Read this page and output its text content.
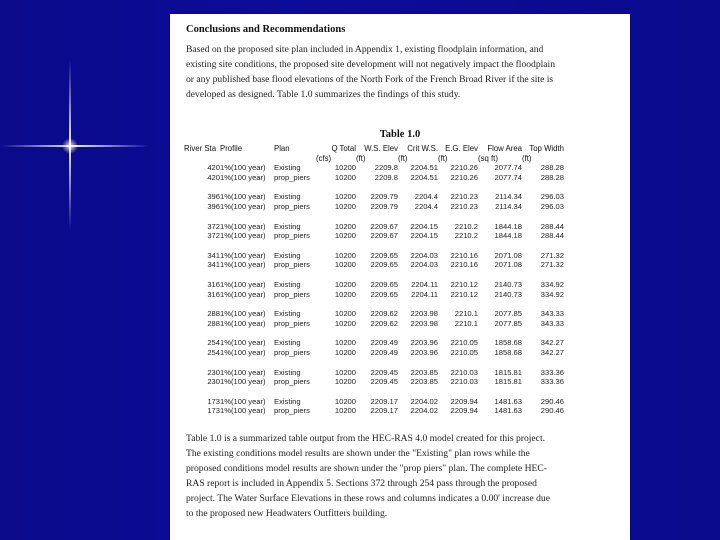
Conclusions and Recommendations

Based on the proposed site plan included in Appendix 1, existing floodplain information, and
existing site conditions, the proposed site development will not negatively impact the floodplain
or any published base flood elevations of the North Fork of the French Broad River if the site is
developed as designed. Table 1.0 summarizes the findings of this study.

Table 1.0
River Sta	Profile	Plan	Q Total	W.S. Elev	Crit W.S.	E.G. Elev	Flow Area	Top Width
			(cfs)	(ft)	(ft)	(ft)	(sq ft)	(ft)
420	1%(100 year)	Existing	10200	2209.8	2204.51	2210.26	2077.74	288.28
420	1%(100 year)	prop_piers	10200	2209.8	2204.51	2210.26	2077.74	288.28

396	1%(100 year)	Existing	10200	2209.79	2204.4	2210.23	2114.34	296.03
396	1%(100 year)	prop_piers	10200	2209.79	2204.4	2210.23	2114.34	296.03

372	1%(100 year)	Existing	10200	2209.67	2204.15	2210.2	1844.18	288.44
372	1%(100 year)	prop_piers	10200	2209.67	2204.15	2210.2	1844.18	288.44

341	1%(100 year)	Existing	10200	2209.65	2204.03	2210.16	2071.08	271.32
341	1%(100 year)	prop_piers	10200	2209.65	2204.03	2210.16	2071.08	271.32

316	1%(100 year)	Existing	10200	2209.65	2204.11	2210.12	2140.73	334.92
316	1%(100 year)	prop_piers	10200	2209.65	2204.11	2210.12	2140.73	334.92

288	1%(100 year)	Existing	10200	2209.62	2203.98	2210.1	2077.85	343.33
288	1%(100 year)	prop_piers	10200	2209.62	2203.98	2210.1	2077.85	343.33

254	1%(100 year)	Existing	10200	2209.49	2203.96	2210.05	1858.68	342.27
254	1%(100 year)	prop_piers	10200	2209.49	2203.96	2210.05	1858.68	342.27

230	1%(100 year)	Existing	10200	2209.45	2203.85	2210.03	1815.81	333.36
230	1%(100 year)	prop_piers	10200	2209.45	2203.85	2210.03	1815.81	333.36

173	1%(100 year)	Existing	10200	2209.17	2204.02	2209.94	1481.63	290.46
173	1%(100 year)	prop_piers	10200	2209.17	2204.02	2209.94	1481.63	290.46

Table 1.0 is a summarized table output from the HEC-RAS 4.0 model created for this project.
The existing conditions model results are shown under the "Existing" plan rows while the
proposed conditions model results are shown under the "prop piers" plan. The complete HEC-
RAS report is included in Appendix 5. Sections 372 through 254 pass through the proposed
project. The Water Surface Elevations in these rows and columns indicates a 0.00' increase due
to the proposed new Headwaters Outfitters building.
